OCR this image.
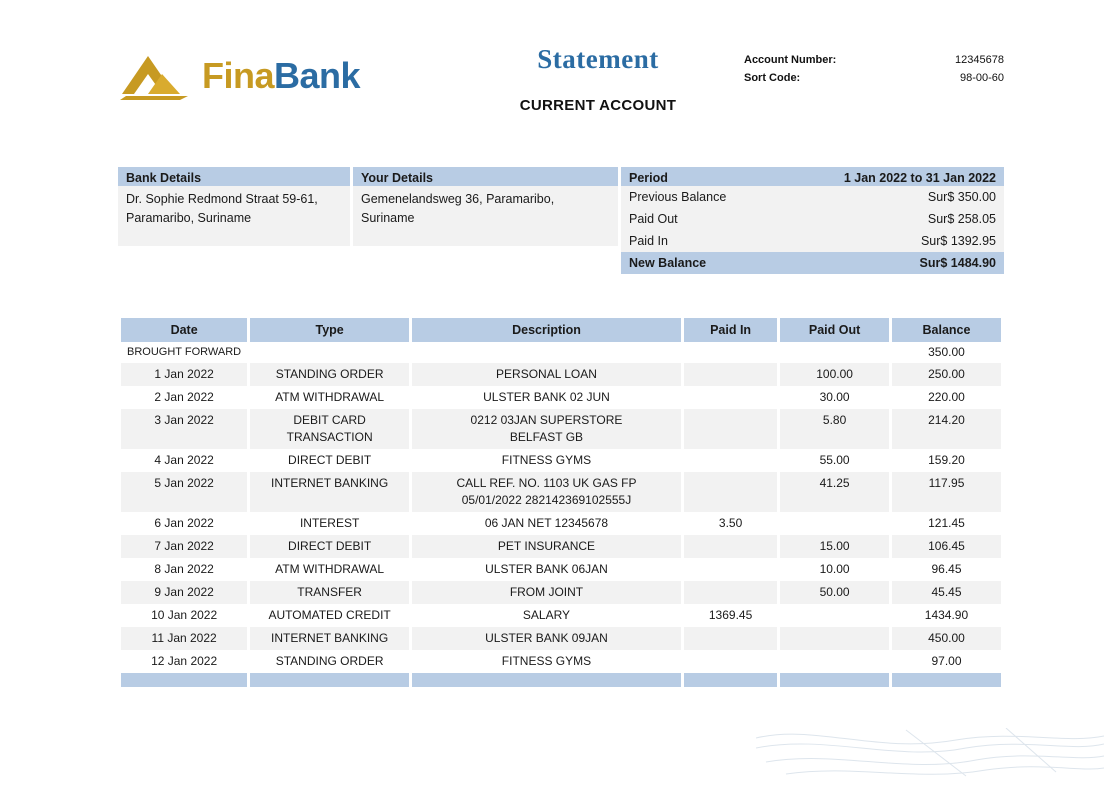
FinaBank	Statement
CURRENT ACCOUNT
Account Number:	12345678
Sort Code:	98-00-60
Bank Details
Dr. Sophie Redmond Straat 59-61,
Paramaribo, Suriname
Your Details
Gemenelandsweg 36, Paramaribo,
Suriname
Period	1 Jan 2022 to 31 Jan 2022
Previous Balance	Sur$ 350.00
Paid Out	Sur$ 258.05
Paid In	Sur$ 1392.95
New Balance	Sur$ 1484.90
Date	Type	Description	Paid In	Paid Out	Balance
BROUGHT FORWARD					350.00
1 Jan 2022	STANDING ORDER	PERSONAL LOAN		100.00	250.00
2 Jan 2022	ATM WITHDRAWAL	ULSTER BANK 02 JUN		30.00	220.00
3 Jan 2022	DEBIT CARD
TRANSACTION	0212 03JAN SUPERSTORE
BELFAST GB		5.80	214.20
4 Jan 2022	DIRECT DEBIT	FITNESS GYMS		55.00	159.20
5 Jan 2022	INTERNET BANKING	CALL REF. NO. 1103 UK GAS FP
05/01/2022 282142369102555J		41.25	117.95
6 Jan 2022	INTEREST	06 JAN NET 12345678	3.50		121.45
7 Jan 2022	DIRECT DEBIT	PET INSURANCE		15.00	106.45
8 Jan 2022	ATM WITHDRAWAL	ULSTER BANK 06JAN		10.00	96.45
9 Jan 2022	TRANSFER	FROM JOINT		50.00	45.45
10 Jan 2022	AUTOMATED CREDIT	SALARY	1369.45		1434.90
11 Jan 2022	INTERNET BANKING	ULSTER BANK 09JAN			450.00
12 Jan 2022	STANDING ORDER	FITNESS GYMS			97.00
